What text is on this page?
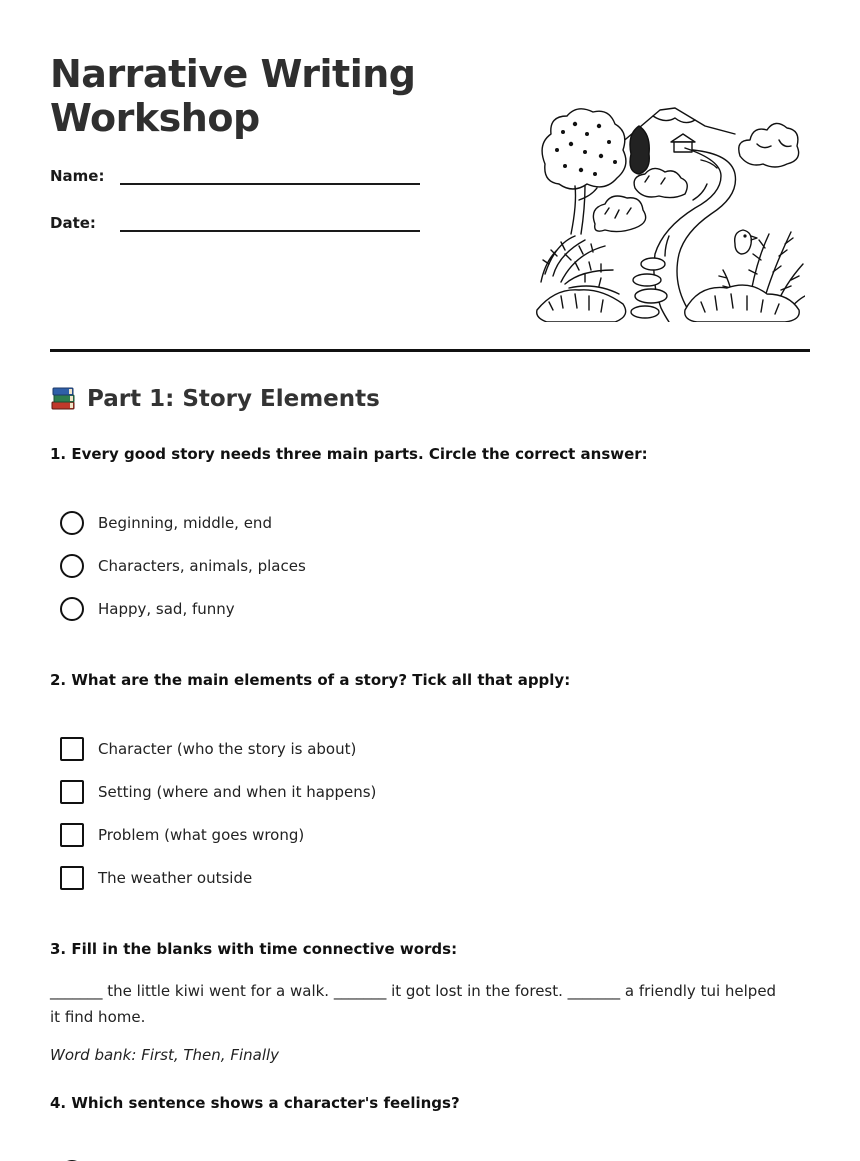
Narrative Writing Workshop
Name:
Date:
Part 1: Story Elements
1. Every good story needs three main parts. Circle the correct answer:
Beginning, middle, end
Characters, animals, places
Happy, sad, funny
2. What are the main elements of a story? Tick all that apply:
Character (who the story is about)
Setting (where and when it happens)
Problem (what goes wrong)
The weather outside
3. Fill in the blanks with time connective words:

_______ the little kiwi went for a walk. _______ it got lost in the forest. _______ a friendly tui helped it find home.

Word bank: First, Then, Finally

4. Which sentence shows a character's feelings?
